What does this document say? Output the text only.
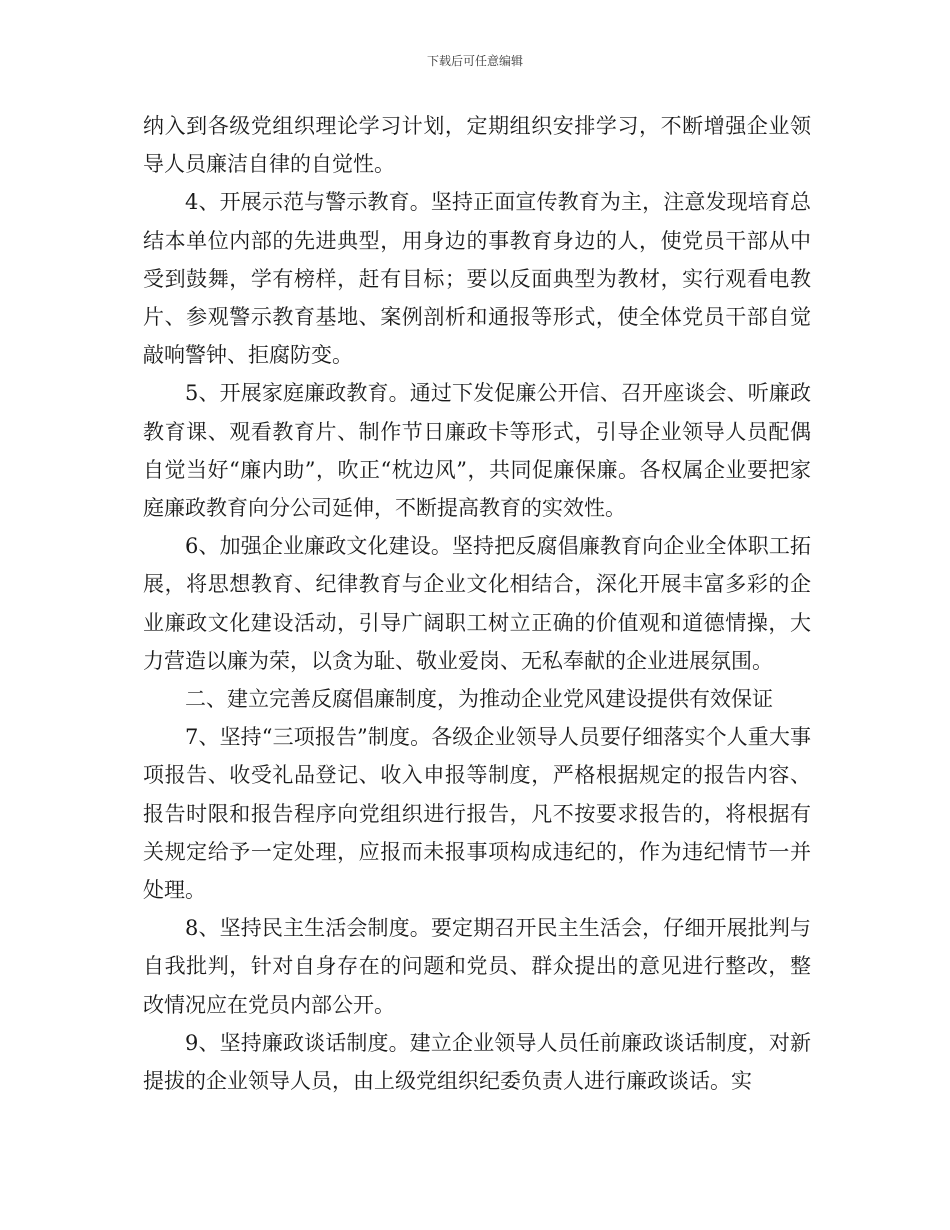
下载后可任意编辑

纳入到各级党组织理论学习计划，定期组织安排学习，不断增强企业领导人员廉洁自律的自觉性。

4、开展示范与警示教育。坚持正面宣传教育为主，注意发现培育总结本单位内部的先进典型，用身边的事教育身边的人，使党员干部从中受到鼓舞，学有榜样，赶有目标；要以反面典型为教材，实行观看电教片、参观警示教育基地、案例剖析和通报等形式，使全体党员干部自觉敲响警钟、拒腐防变。

5、开展家庭廉政教育。通过下发促廉公开信、召开座谈会、听廉政教育课、观看教育片、制作节日廉政卡等形式，引导企业领导人员配偶自觉当好“廉内助”，吹正“枕边风”，共同促廉保廉。各权属企业要把家庭廉政教育向分公司延伸，不断提高教育的实效性。

6、加强企业廉政文化建设。坚持把反腐倡廉教育向企业全体职工拓展，将思想教育、纪律教育与企业文化相结合，深化开展丰富多彩的企业廉政文化建设活动，引导广阔职工树立正确的价值观和道德情操，大力营造以廉为荣，以贪为耻、敬业爱岗、无私奉献的企业进展氛围。

二、建立完善反腐倡廉制度，为推动企业党风建设提供有效保证

7、坚持“三项报告”制度。各级企业领导人员要仔细落实个人重大事项报告、收受礼品登记、收入申报等制度，严格根据规定的报告内容、报告时限和报告程序向党组织进行报告，凡不按要求报告的，将根据有关规定给予一定处理，应报而未报事项构成违纪的，作为违纪情节一并处理。

8、坚持民主生活会制度。要定期召开民主生活会，仔细开展批判与自我批判，针对自身存在的问题和党员、群众提出的意见进行整改，整改情况应在党员内部公开。

9、坚持廉政谈话制度。建立企业领导人员任前廉政谈话制度，对新提拔的企业领导人员，由上级党组织纪委负责人进行廉政谈话。实
